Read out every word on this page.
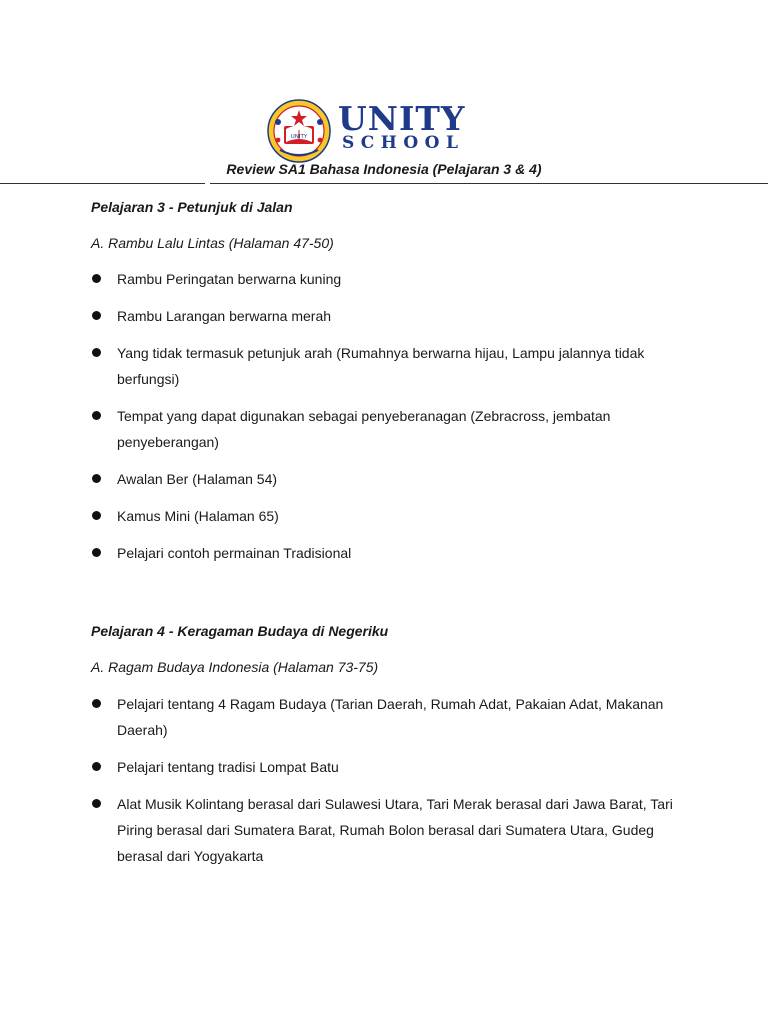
UNITY UNITY
SCHOOL
Review SA1 Bahasa Indonesia (Pelajaran 3 & 4)
Pelajaran 3 - Petunjuk di Jalan
A. Rambu Lalu Lintas (Halaman 47-50)
Rambu Peringatan berwarna kuning
Rambu Larangan berwarna merah
Yang tidak termasuk petunjuk arah (Rumahnya berwarna hijau, Lampu jalannya tidak berfungsi)
Tempat yang dapat digunakan sebagai penyeberanagan (Zebracross, jembatan penyeberangan)
Awalan Ber (Halaman 54)
Kamus Mini (Halaman 65)
Pelajari contoh permainan Tradisional
Pelajaran 4 - Keragaman Budaya di Negeriku
A. Ragam Budaya Indonesia (Halaman 73-75)
Pelajari tentang 4 Ragam Budaya (Tarian Daerah, Rumah Adat, Pakaian Adat, Makanan Daerah)
Pelajari tentang tradisi Lompat Batu
Alat Musik Kolintang berasal dari Sulawesi Utara, Tari Merak berasal dari Jawa Barat, Tari Piring berasal dari Sumatera Barat, Rumah Bolon berasal dari Sumatera Utara, Gudeg berasal dari Yogyakarta
